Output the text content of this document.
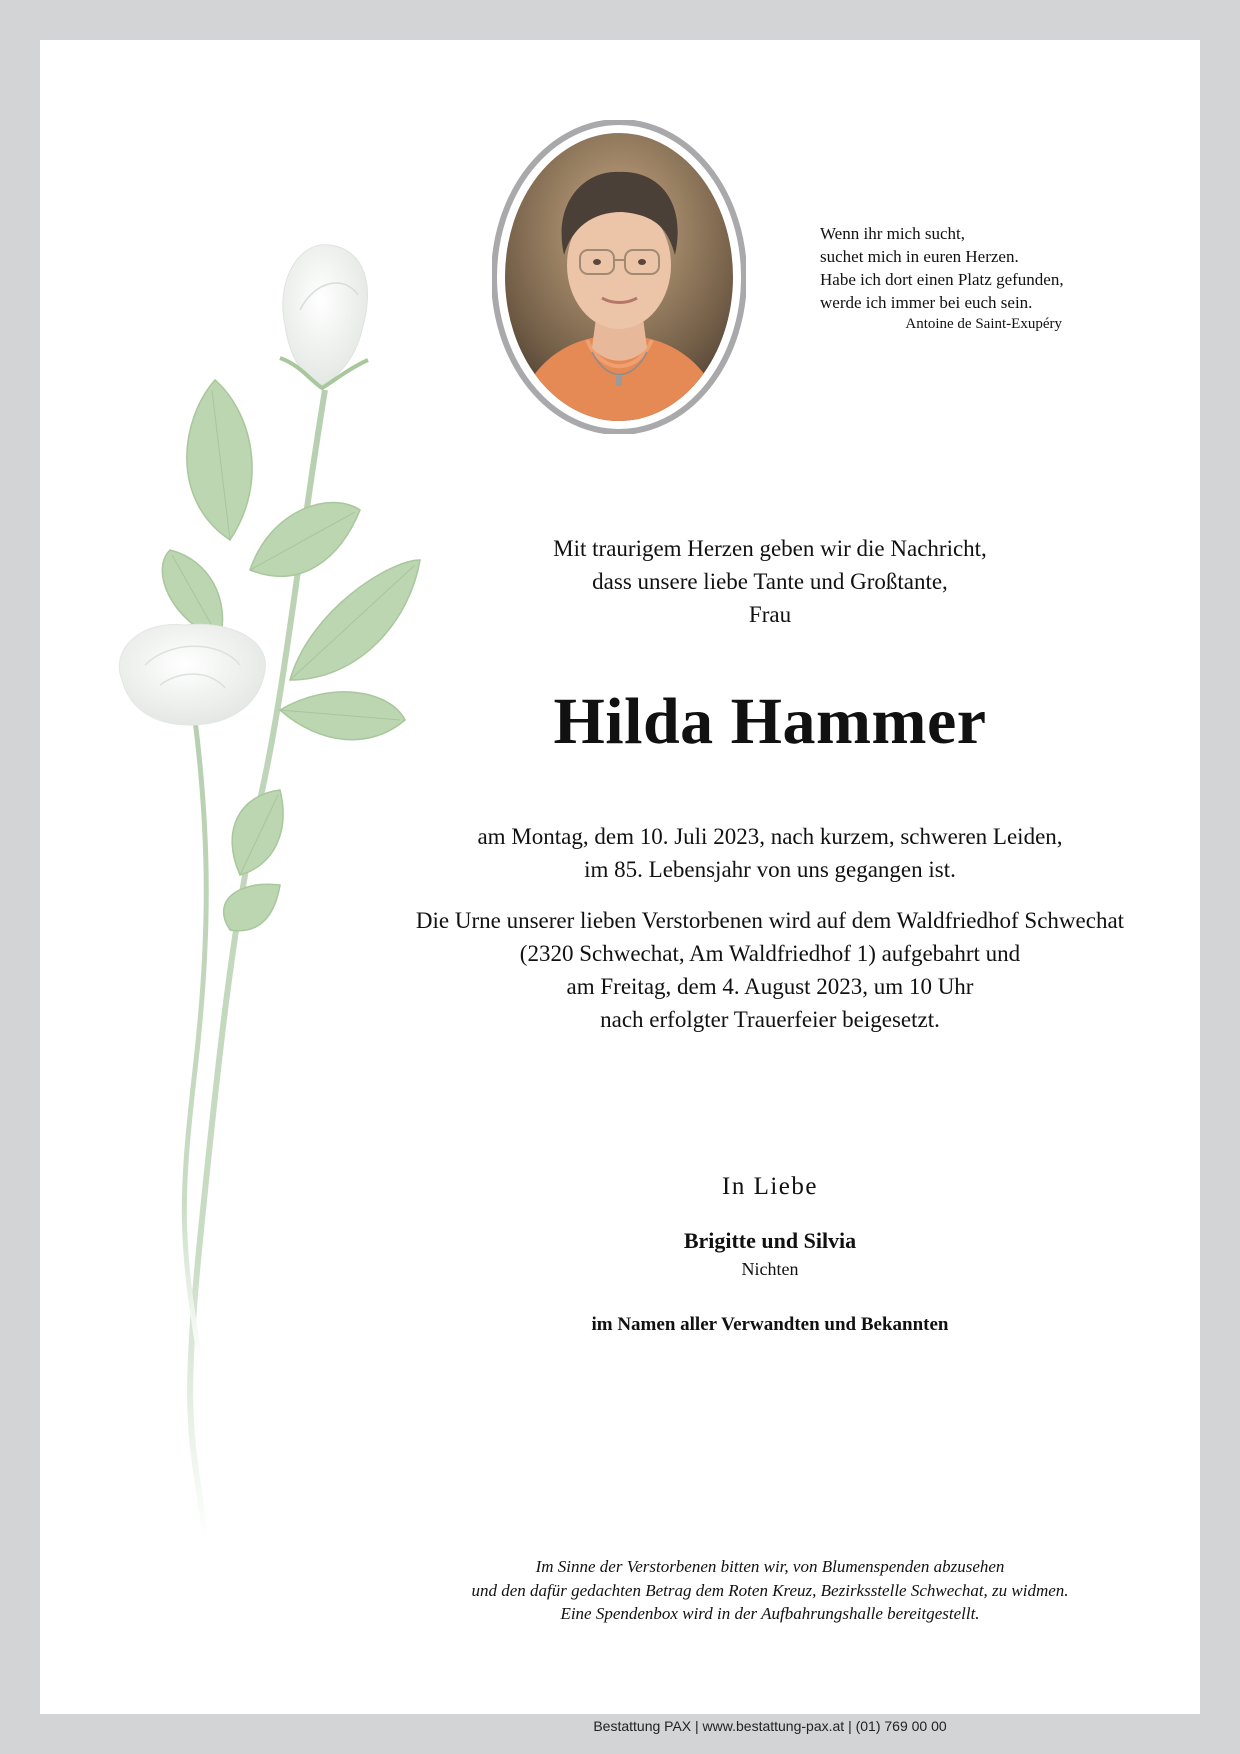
Wenn ihr mich sucht,
suchet mich in euren Herzen.
Habe ich dort einen Platz gefunden,
werde ich immer bei euch sein.
Antoine de Saint-Exupéry
Mit traurigem Herzen geben wir die Nachricht,
dass unsere liebe Tante und Großtante,
Frau
Hilda Hammer
am Montag, dem 10. Juli 2023, nach kurzem, schweren Leiden,
im 85. Lebensjahr von uns gegangen ist.
Die Urne unserer lieben Verstorbenen wird auf dem Waldfriedhof Schwechat
(2320 Schwechat, Am Waldfriedhof 1) aufgebahrt und
am Freitag, dem 4. August 2023, um 10 Uhr
nach erfolgter Trauerfeier beigesetzt.
In Liebe
Brigitte und Silvia
Nichten
im Namen aller Verwandten und Bekannten
Im Sinne der Verstorbenen bitten wir, von Blumenspenden abzusehen
und den dafür gedachten Betrag dem Roten Kreuz, Bezirksstelle Schwechat, zu widmen.
Eine Spendenbox wird in der Aufbahrungshalle bereitgestellt.
Bestattung PAX | www.bestattung-pax.at | (01) 769 00 00
